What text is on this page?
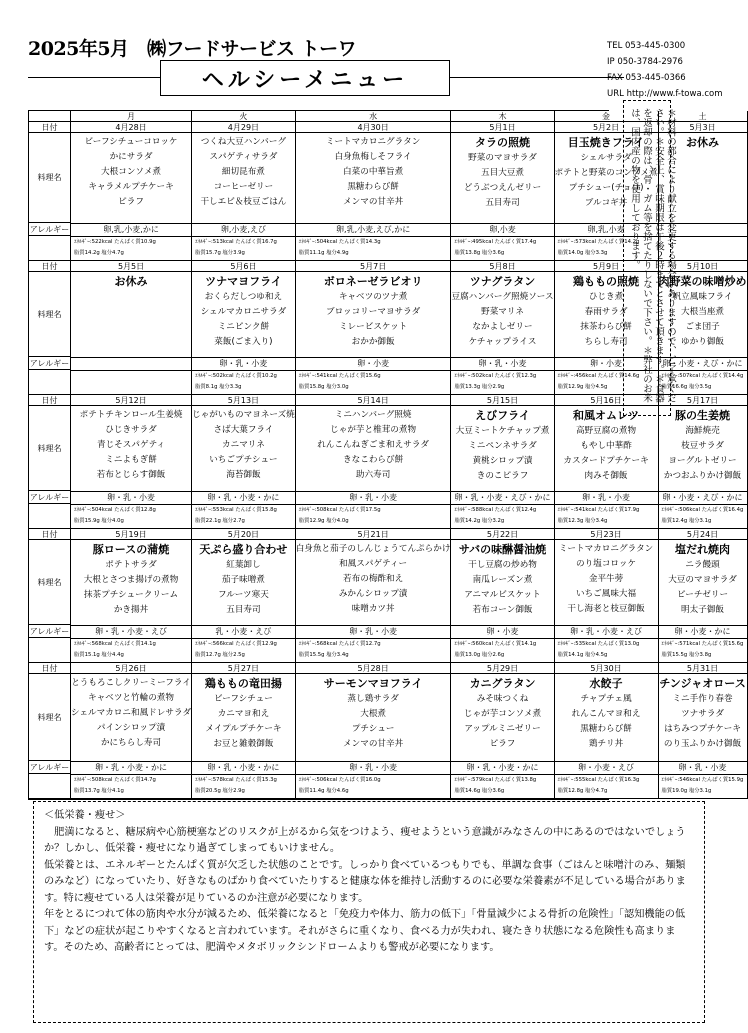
2025年5月　㈱フードサービス トーワ	TEL 053-445-0300
IP 050-3784-2976
FAX 053-445-0366
URL http://www.f-towa.com
ヘルシーメニュー
日付
料理名
アレルギー
月
4月28日
ビーフシチューコロッケ
かにサラダ
大根コンソメ煮
キャラメルプチケーキ
ピラフ
卵,乳,小麦,かに
ｴﾈﾙｷﾞｰ:522kcal たんぱく質10.9g
脂質14.2g 塩分4.7g
火
4月29日
つくね大豆ハンバーグ
スパゲティサラダ
細切昆布煮
コーヒーゼリー
干しエビ＆枝豆ごはん
卵,小麦,えび
ｴﾈﾙｷﾞｰ:513kcal たんぱく質16.7g
脂質15.7g 塩分3.9g
水
4月30日
ミートマカロニグラタン
白身魚梅しそフライ
白菜の中華旨煮
黒糖わらび餅
メンマの甘辛丼
卵,乳,小麦,えび,かに
ｴﾈﾙｷﾞｰ:504kcal たんぱく質14.3g
脂質11.1g 塩分4.9g
木
5月1日
タラの照焼
野菜のマヨサラダ
五目大豆煮
どうぶつえんゼリー
五目寿司
卵,小麦
ｴﾈﾙｷﾞｰ:495kcal たんぱく質17.4g
脂質13.8g 塩分3.6g
金
5月2日
目玉焼きフライ
シェルサラダ
ポテトと野菜のコンソメ煮
プチシュー(チョコ)
ブルコギ丼
卵,乳,小麦
ｴﾈﾙｷﾞｰ:573kcal たんぱく質14.2g
脂質14.0g 塩分3.3g
土
5月3日
お休み
日付
料理名
アレルギー
5月5日
お休み
5月6日
ツナマヨフライ
おくらだしつゆ和え
シェルマカロニサラダ
ミニピンク餅
菜飯(ごま入り)
卵・乳・小麦
ｴﾈﾙｷﾞｰ:502kcal たんぱく質10.2g
脂質8.1g 塩分3.3g
5月7日
ボロネーゼラビオリ
キャベツのツナ煮
ブロッコリーマヨサラダ
ミレービスケット
おかか御飯
卵・小麦
ｴﾈﾙｷﾞｰ:541kcal たんぱく質15.6g
脂質15.8g 塩分3.0g
5月8日
ツナグラタン
豆腐ハンバーグ照焼ソース
野菜マリネ
なかよしゼリー
ケチャップライス
卵・乳・小麦
ｴﾈﾙｷﾞｰ:502kcal たんぱく質12.3g
脂質13.3g 塩分2.9g
5月9日
鶏ももの照焼
ひじき煮
春雨サラダ
抹茶わらび餅
ちらし寿司
卵・小麦
ｴﾈﾙｷﾞｰ:456kcal たんぱく質14.6g
脂質12.9g 塩分4.5g
5月10日
肉野菜の味噌炒め
帆立風味フライ
大根当座煮
ごま団子
ゆかり御飯
卵・小麦・えび・かに
ｴﾈﾙｷﾞｰ:507kcal たんぱく質14.4g
脂質16.6g 塩分3.5g
日付
料理名
アレルギー
5月12日
ポテトチキンロール生姜焼
ひじきサラダ
青じそスパゲティ
ミニよもぎ餅
若布とじらす御飯
卵・乳・小麦
ｴﾈﾙｷﾞｰ:504kcal たんぱく質12.8g
脂質15.9g 塩分4.0g
5月13日
じゃがいものマヨネーズ焼
さば大葉フライ
カニマリネ
いちごプチシュー
海苔御飯
卵・乳・小麦・かに
ｴﾈﾙｷﾞｰ:553kcal たんぱく質15.8g
脂質22.1g 塩分2.7g
5月14日
ミニハンバーグ照焼
じゃが芋と椎茸の煮物
れんこんねぎごま和えサラダ
きなこわらび餅
助六寿司
卵・乳・小麦
ｴﾈﾙｷﾞｰ:508kcal たんぱく質17.5g
脂質12.9g 塩分4.0g
5月15日
えびフライ
大豆ミートケチャップ煮
ミニペンネサラダ
黄桃シロップ漬
きのこピラフ
卵・乳・小麦・えび・かに
ｴﾈﾙｷﾞｰ:588kcal たんぱく質12.4g
脂質14.2g 塩分3.2g
5月16日
和風オムレツ
高野豆腐の煮物
もやし中華酢
カスタードプチケーキ
肉みそ御飯
卵・乳・小麦
ｴﾈﾙｷﾞｰ:541kcal たんぱく質17.9g
脂質12.3g 塩分3.4g
5月17日
豚の生姜焼
海鮮焼売
枝豆サラダ
ヨーグルトゼリー
かつおふりかけ御飯
卵・小麦・えび・かに
ｴﾈﾙｷﾞｰ:506kcal たんぱく質16.4g
脂質12.4g 塩分3.1g
日付
料理名
アレルギー
5月19日
豚ロースの蒲焼
ポテトサラダ
大根とさつま揚げの煮物
抹茶プチシュークリーム
かき揚丼
卵・乳・小麦・えび
ｴﾈﾙｷﾞｰ:568kcal たんぱく質14.1g
脂質15.1g 塩分4.4g
5月20日
天ぷら盛り合わせ
紅葉卸し
茄子味噌煮
フルーツ寒天
五目寿司
乳・小麦・えび
ｴﾈﾙｷﾞｰ:566kcal たんぱく質12.9g
脂質12.7g 塩分2.5g
5月21日
白身魚と茄子のしんじょうてんぷらかけ
和風スパゲティー
若布の梅酢和え
みかんシロップ漬
味噌カツ丼
卵・乳・小麦
ｴﾈﾙｷﾞｰ:568kcal たんぱく質12.7g
脂質15.5g 塩分3.4g
5月22日
サバの味醂醤油焼
干し豆腐の炒め物
南瓜レーズン煮
アニマルビスケット
若布コーン御飯
卵・小麦
ｴﾈﾙｷﾞｰ:560kcal たんぱく質14.1g
脂質13.0g 塩分2.6g
5月23日
ミートマカロニグラタン
のり塩コロッケ
金平牛蒡
いちご風味大福
干し海老と枝豆御飯
卵・乳・小麦・えび
ｴﾈﾙｷﾞｰ:535kcal たんぱく質13.0g
脂質14.1g 塩分4.5g
5月24日
塩だれ焼肉
ニラ饅頭
大豆のマヨサラダ
ピーチゼリー
明太子御飯
卵・小麦・かに
ｴﾈﾙｷﾞｰ:571kcal たんぱく質15.6g
脂質15.5g 塩分3.8g
日付
料理名
アレルギー
5月26日
とうもろこしクリーミーフライ
キャベツと竹輪の煮物
シェルマカロニ和風ドレサラダ
パインシロップ漬
かにちらし寿司
卵・乳・小麦・かに
ｴﾈﾙｷﾞｰ:508kcal たんぱく質14.7g
脂質13.7g 塩分4.1g
5月27日
鶏ももの竜田揚
ビーフシチュー
カニマヨ和え
メイプルプチケーキ
お豆と雑穀御飯
卵・乳・小麦・かに
ｴﾈﾙｷﾞｰ:578kcal たんぱく質15.3g
脂質20.5g 塩分2.9g
5月28日
サーモンマヨフライ
蒸し鶏サラダ
大根煮
プチシュー
メンマの甘辛丼
卵・乳・小麦
ｴﾈﾙｷﾞｰ:506kcal たんぱく質16.0g
脂質11.4g 塩分4.6g
5月29日
カニグラタン
みそ味つくね
じゃが芋コンソメ煮
アップルミニゼリー
ピラフ
卵・乳・小麦・かに
ｴﾈﾙｷﾞｰ:579kcal たんぱく質13.8g
脂質14.6g 塩分3.6g
5月30日
水餃子
チャプチェ風
れんこんマヨ和え
黒糖わらび餅
鶏チリ丼
卵・小麦・えび
ｴﾈﾙｷﾞｰ:555kcal たんぱく質16.3g
脂質12.8g 塩分4.7g
5月31日
チンジャオロース
ミニ手作り春巻
ツナサラダ
はちみつプチケーキ
のり玉ふりかけ御飯
卵・乳・小麦
ｴﾈﾙｷﾞｰ:546kcal たんぱく質15.9g
脂質19.0g 塩分3.1g
＊材料の都合により献立を変更する場合がありますので、ご了承ください。＊安全上、賞味期限は午後２時までとさせて頂きます。＊食器を返却の際は、骨・ガム等を捨てたりしないで下さい。＊弊社のお米は、国内産の物を使用しております。

＜低栄養・痩せ＞

　肥満になると、糖尿病や心筋梗塞などのリスクが上がるから気をつけよう、痩せようという意識がみなさんの中にあるのではないでしょうか？しかし、低栄養・痩せになり過ぎてしまってもいけません。

低栄養とは、エネルギーとたんぱく質が欠乏した状態のことです。しっかり食べているつもりでも、単調な食事（ごはんと味噌汁のみ、麺類のみなど）になっていたり、好きなものばかり食べていたりすると健康な体を維持し活動するのに必要な栄養素が不足している場合があります。特に痩せている人は栄養が足りているのか注意が必要になります。

年をとるにつれて体の筋肉や水分が減るため、低栄養になると「免疫力や体力、筋力の低下」「骨量減少による骨折の危険性」「認知機能の低下」などの症状が起こりやすくなると言われています。それがさらに重くなり、食べる力が失われ、寝たきり状態になる危険性も高まります。そのため、高齢者にとっては、肥満やメタボリックシンドロームよりも警戒が必要になります。
